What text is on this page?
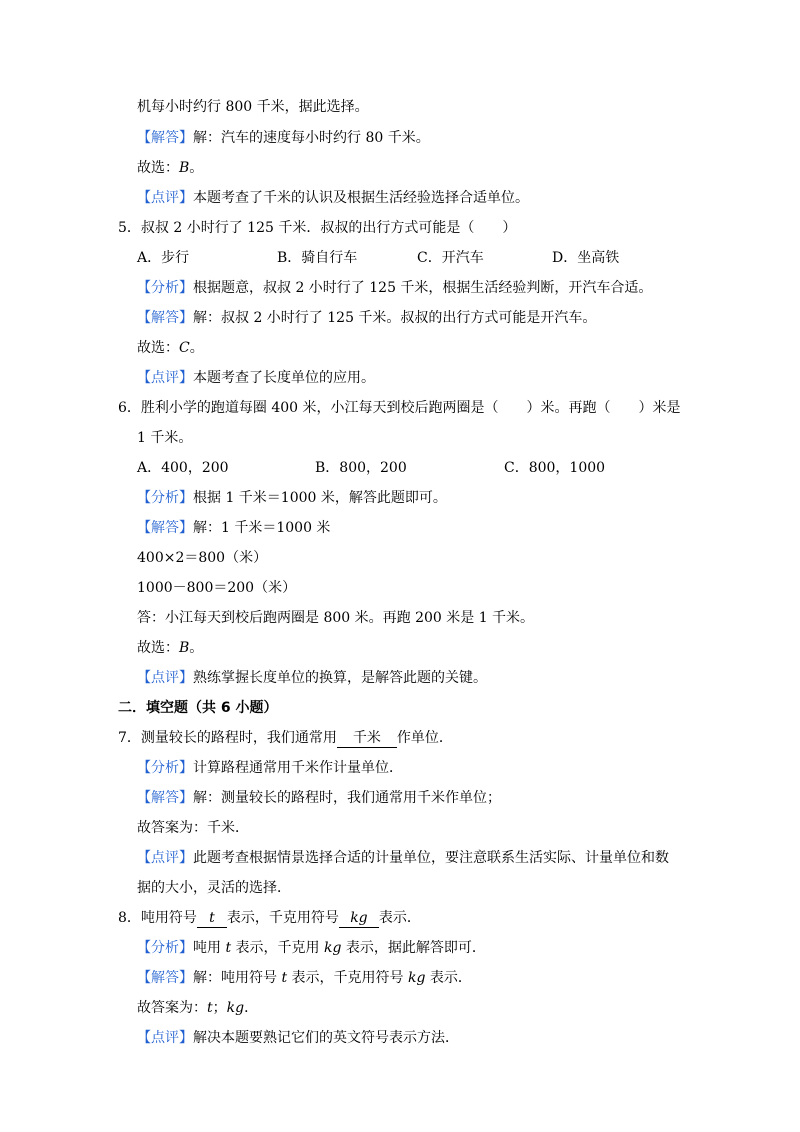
机每小时约行 800 千米，据此选择。
【解答】解：汽车的速度每小时约行 80 千米。
故选：B。
【点评】本题考查了千米的认识及根据生活经验选择合适单位。
5．叔叔 2 小时行了 125 千米．叔叔的出行方式可能是（　　）
A．步行	B．骑自行车	C．开汽车	D．坐高铁
【分析】根据题意，叔叔 2 小时行了 125 千米，根据生活经验判断，开汽车合适。
【解答】解：叔叔 2 小时行了 125 千米。叔叔的出行方式可能是开汽车。
故选：C。
【点评】本题考查了长度单位的应用。
6．胜利小学的跑道每圈 400 米，小江每天到校后跑两圈是（　　）米。再跑（　　）米是
1 千米。
A．400，200	B．800，200	C．800，1000
【分析】根据 1 千米＝1000 米，解答此题即可。
【解答】解：1 千米＝1000 米
400×2＝800（米）
1000－800＝200（米）
答：小江每天到校后跑两圈是 800 米。再跑 200 米是 1 千米。
故选：B。
【点评】熟练掌握长度单位的换算，是解答此题的关键。
二．填空题（共 6 小题）
7．测量较长的路程时，我们通常用 千米 作单位．
【分析】计算路程通常用千米作计量单位．
【解答】解：测量较长的路程时，我们通常用千米作单位；
故答案为：千米．
【点评】此题考查根据情景选择合适的计量单位，要注意联系生活实际、计量单位和数
据的大小，灵活的选择．
8．吨用符号 t 表示，千克用符号 kg 表示．
【分析】吨用 t 表示，千克用 kg 表示，据此解答即可．
【解答】解：吨用符号 t 表示，千克用符号 kg 表示．
故答案为：t；kg．
【点评】解决本题要熟记它们的英文符号表示方法．
